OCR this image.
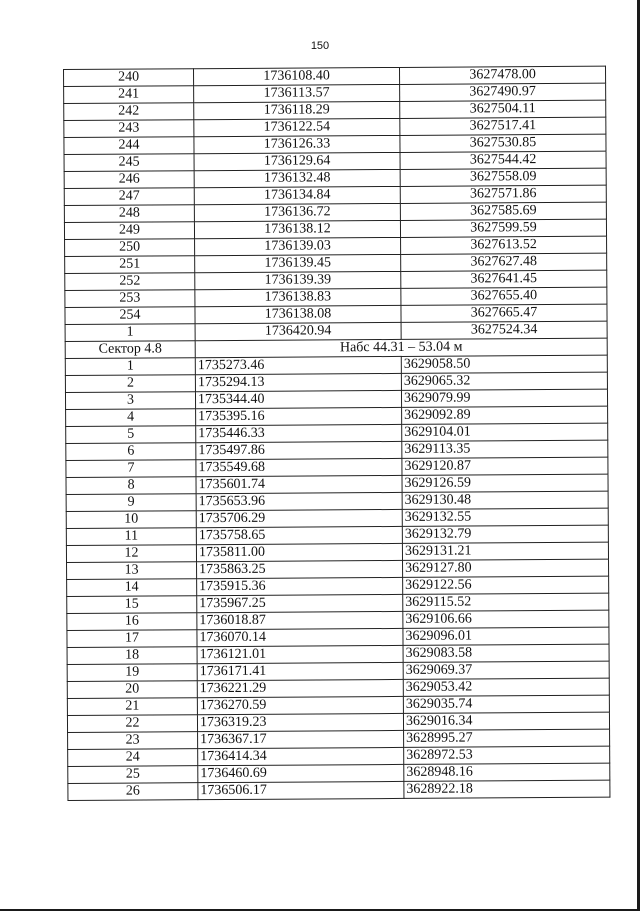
150
240	1736108.40	3627478.00
241	1736113.57	3627490.97
242	1736118.29	3627504.11
243	1736122.54	3627517.41
244	1736126.33	3627530.85
245	1736129.64	3627544.42
246	1736132.48	3627558.09
247	1736134.84	3627571.86
248	1736136.72	3627585.69
249	1736138.12	3627599.59
250	1736139.03	3627613.52
251	1736139.45	3627627.48
252	1736139.39	3627641.45
253	1736138.83	3627655.40
254	1736138.08	3627665.47
1	1736420.94	3627524.34
Сектор 4.8	Набс 44.31 – 53.04 м	
1	1735273.46	3629058.50
2	1735294.13	3629065.32
3	1735344.40	3629079.99
4	1735395.16	3629092.89
5	1735446.33	3629104.01
6	1735497.86	3629113.35
7	1735549.68	3629120.87
8	1735601.74	3629126.59
9	1735653.96	3629130.48
10	1735706.29	3629132.55
11	1735758.65	3629132.79
12	1735811.00	3629131.21
13	1735863.25	3629127.80
14	1735915.36	3629122.56
15	1735967.25	3629115.52
16	1736018.87	3629106.66
17	1736070.14	3629096.01
18	1736121.01	3629083.58
19	1736171.41	3629069.37
20	1736221.29	3629053.42
21	1736270.59	3629035.74
22	1736319.23	3629016.34
23	1736367.17	3628995.27
24	1736414.34	3628972.53
25	1736460.69	3628948.16
26	1736506.17	3628922.18
